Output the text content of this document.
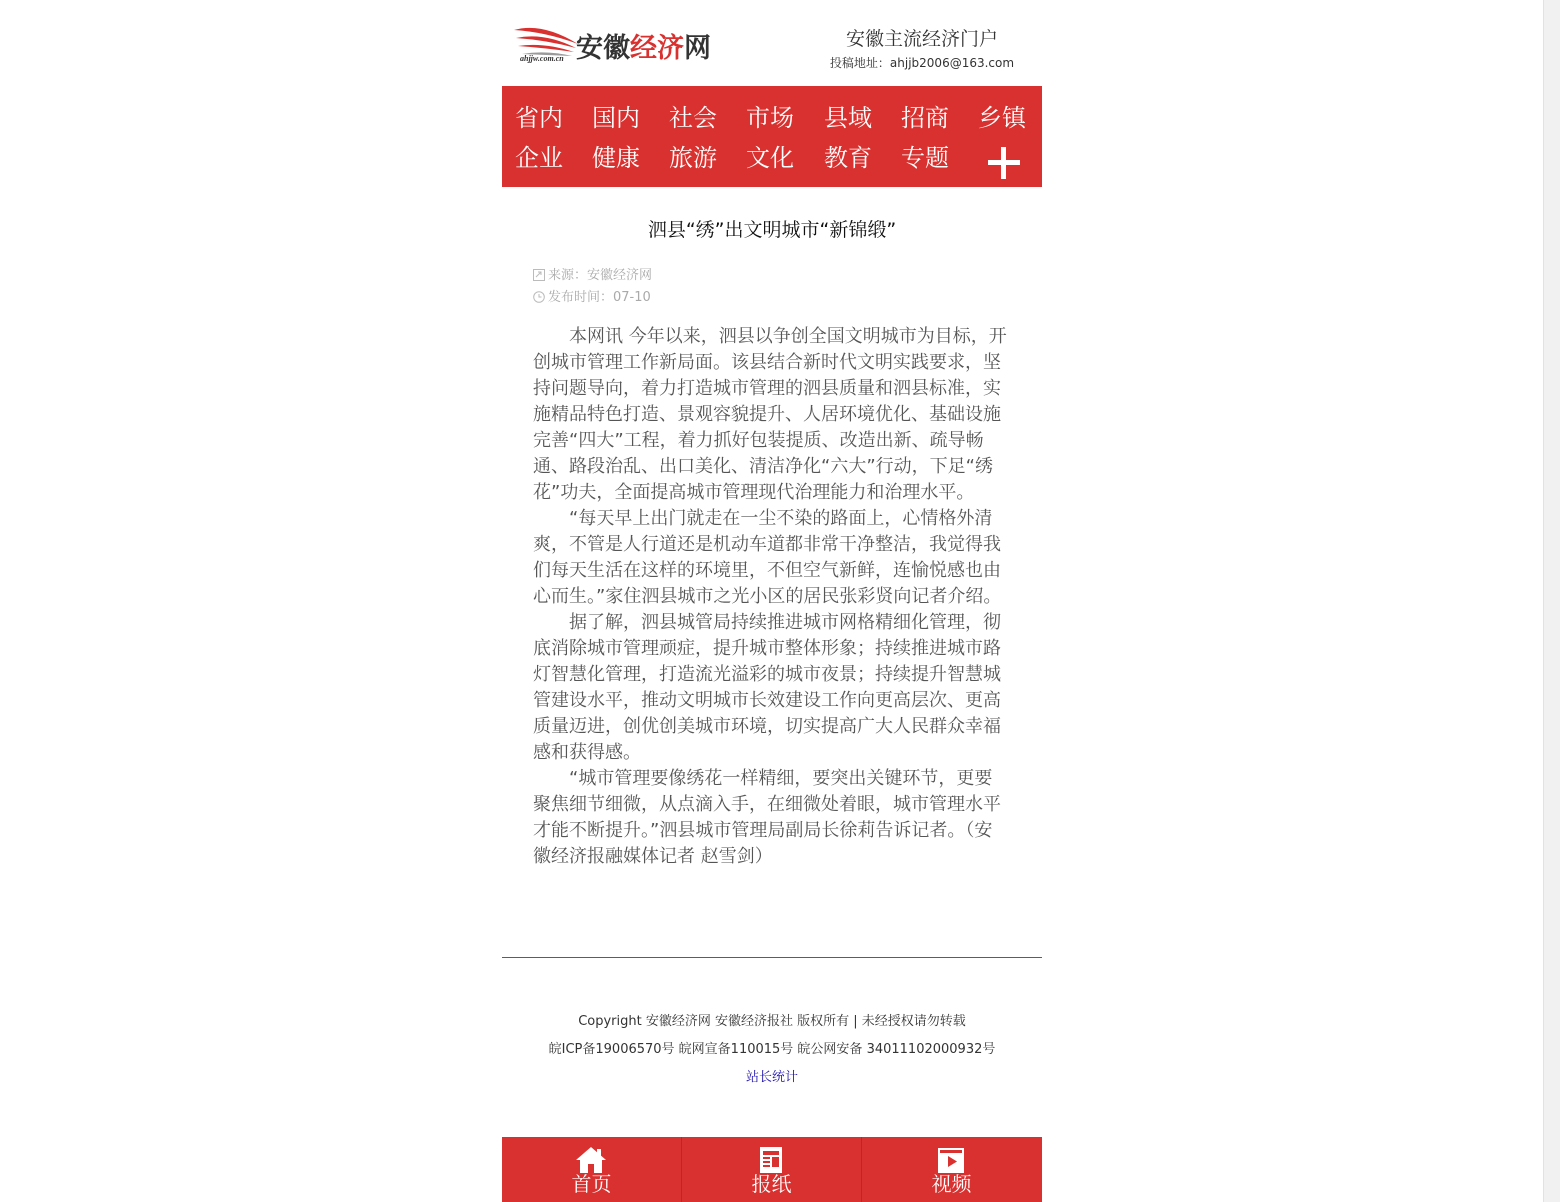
安徽经济网
ahjjw.com.cn
安徽主流经济门户
投稿地址：ahjjb2006@163.com
省内	国内	社会	市场	县域	招商	乡镇
企业	健康	旅游	文化	教育	专题
泗县“绣”出文明城市“新锦缎”
来源：安徽经济网
发布时间：07-10

本网讯 今年以来，泗县以争创全国文明城市为目标，开创城市管理工作新局面。该县结合新时代文明实践要求，坚持问题导向，着力打造城市管理的泗县质量和泗县标准，实施精品特色打造、景观容貌提升、人居环境优化、基础设施完善“四大”工程，着力抓好包装提质、改造出新、疏导畅通、路段治乱、出口美化、清洁净化“六大”行动，下足“绣花”功夫，全面提高城市管理现代治理能力和治理水平。

“每天早上出门就走在一尘不染的路面上，心情格外清爽，不管是人行道还是机动车道都非常干净整洁，我觉得我们每天生活在这样的环境里，不但空气新鲜，连愉悦感也由心而生。”家住泗县城市之光小区的居民张彩贤向记者介绍。

据了解，泗县城管局持续推进城市网格精细化管理，彻底消除城市管理顽症，提升城市整体形象；持续推进城市路灯智慧化管理，打造流光溢彩的城市夜景；持续提升智慧城管建设水平，推动文明城市长效建设工作向更高层次、更高质量迈进，创优创美城市环境，切实提高广大人民群众幸福感和获得感。

“城市管理要像绣花一样精细，要突出关键环节，更要聚焦细节细微，从点滴入手，在细微处着眼，城市管理水平才能不断提升。”泗县城市管理局副局长徐莉告诉记者。（安徽经济报融媒体记者 赵雪剑）

Copyright 安徽经济网 安徽经济报社 版权所有 | 未经授权请勿转载
皖ICP备19006570号 皖网宣备110015号 皖公网安备 34011102000932号
站长统计
首页	报纸	视频
